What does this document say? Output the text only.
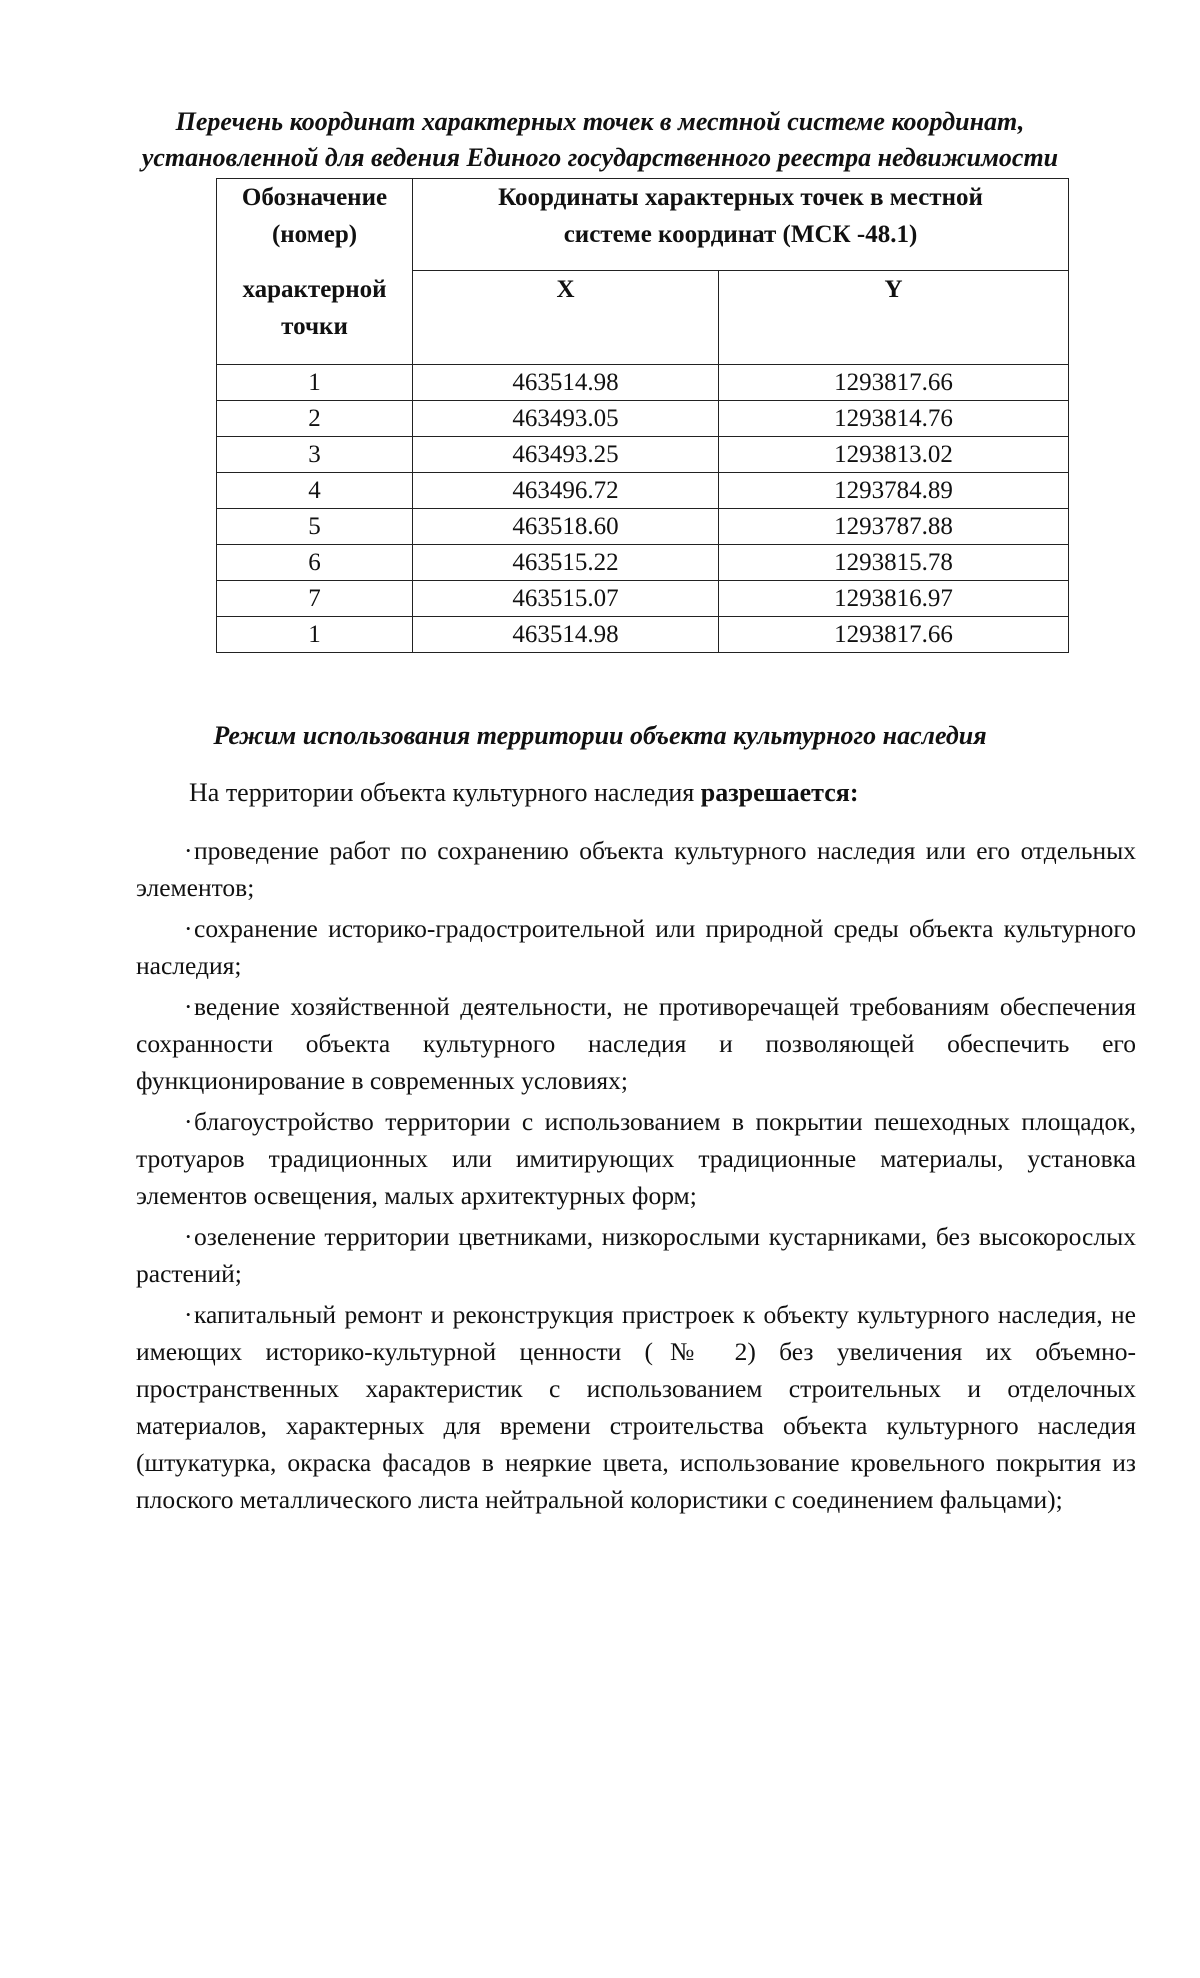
Перечень координат характерных точек в местной системе координат,
установленной для ведения Единого государственного реестра недвижимости
Обозначение
(номер)
характерной
точки	Координаты характерных точек в местной
системе координат (МСК -48.1)	
	X	Y
1	463514.98	1293817.66
2	463493.05	1293814.76
3	463493.25	1293813.02
4	463496.72	1293784.89
5	463518.60	1293787.88
6	463515.22	1293815.78
7	463515.07	1293816.97
1	463514.98	1293817.66
Режим использования территории объекта культурного наследия
На территории объекта культурного наследия разрешается:

·проведение работ по сохранению объекта культурного наследия или его отдельных элементов;

·сохранение историко-градостроительной или природной среды объекта культурного наследия;

·ведение хозяйственной деятельности, не противоречащей требованиям обеспечения сохранности объекта культурного наследия и позволяющей обеспечить его функционирование в современных условиях;

·благоустройство территории с использованием в покрытии пешеходных площадок, тротуаров традиционных или имитирующих традиционные материалы, установка элементов освещения, малых архитектурных форм;

·озеленение территории цветниками, низкорослыми кустарниками, без высокорослых растений;

·капитальный ремонт и реконструкция пристроек к объекту культурного наследия, не имеющих историко-культурной ценности (№ 2) без увеличения их объемно-пространственных характеристик с использованием строительных и отделочных материалов, характерных для времени строительства объекта культурного наследия (штукатурка, окраска фасадов в неяркие цвета, использование кровельного покрытия из плоского металлического листа нейтральной колористики с соединением фальцами);
